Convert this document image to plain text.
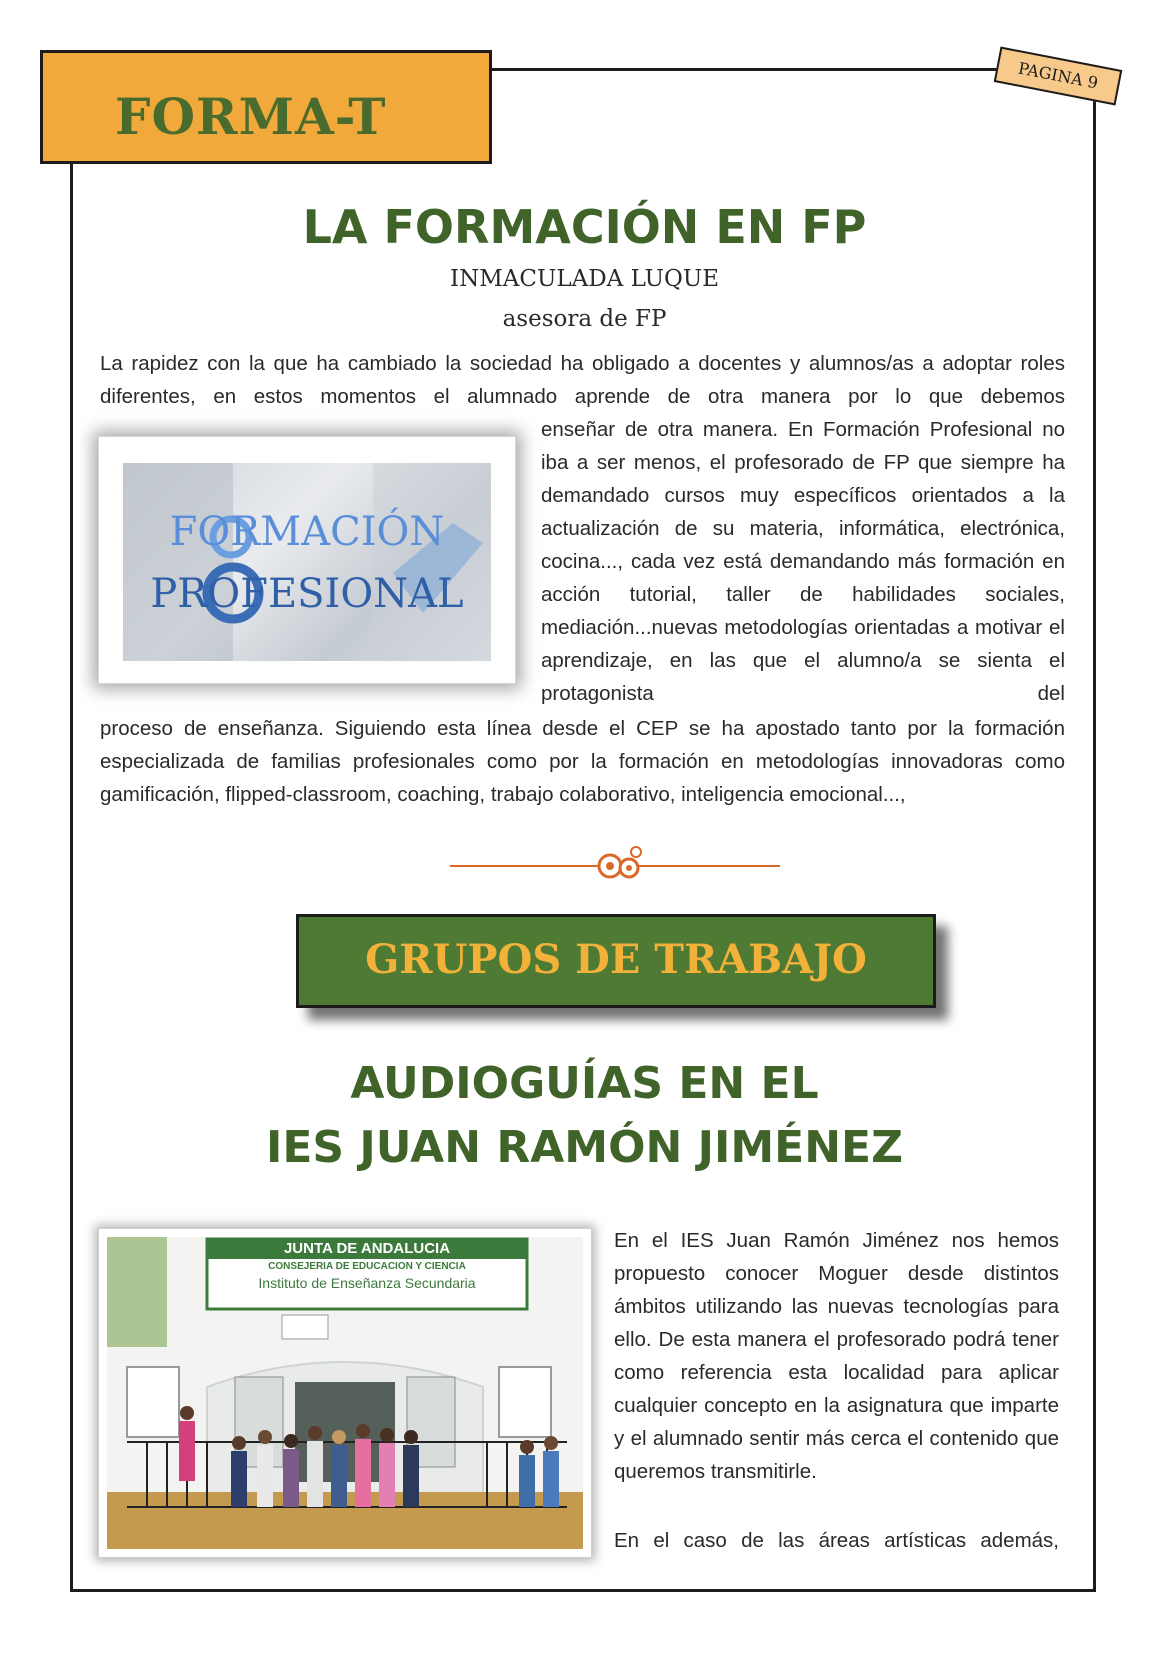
FORMA-T
PAGINA 9
LA FORMACIÓN EN FP
INMACULADA LUQUE
asesora de FP

La rapidez con la que ha cambiado la sociedad ha obligado a docentes y alumnos/as a adoptar roles diferentes, en estos momentos el alumnado aprende de otra manera por lo que debemos

FORMACIÓN
PROFESIONAL

enseñar de otra manera. En Formación Profesional no iba a ser menos, el profesorado de FP que siempre ha demandado cursos muy específicos orientados a la actualización de su materia, informática, electrónica, cocina..., cada vez está demandando más formación en acción tutorial, taller de habilidades sociales, mediación...nuevas metodologías orientadas a motivar el aprendizaje, en las que el alumno/a se sienta el protagonista del

proceso de enseñanza. Siguiendo esta línea desde el CEP se ha apostado tanto por la formación especializada de familias profesionales como por la formación en metodologías innovadoras como gamificación, flipped-classroom, coaching, trabajo colaborativo, inteligencia emocional...,

GRUPOS DE TRABAJO
AUDIOGUÍAS EN EL
IES JUAN RAMÓN JIMÉNEZ
JUNTA DE ANDALUCIA
CONSEJERIA DE EDUCACION Y CIENCIA
Instituto de Enseñanza Secundaria

En el IES Juan Ramón Jiménez nos hemos propuesto conocer Moguer desde distintos ámbitos utilizando las nuevas tecnologías para ello. De esta manera el profesorado podrá tener como referencia esta localidad para aplicar cualquier concepto en la asignatura que imparte y el alumnado sentir más cerca el contenido que queremos transmitirle.

En el caso de las áreas artísticas además,
